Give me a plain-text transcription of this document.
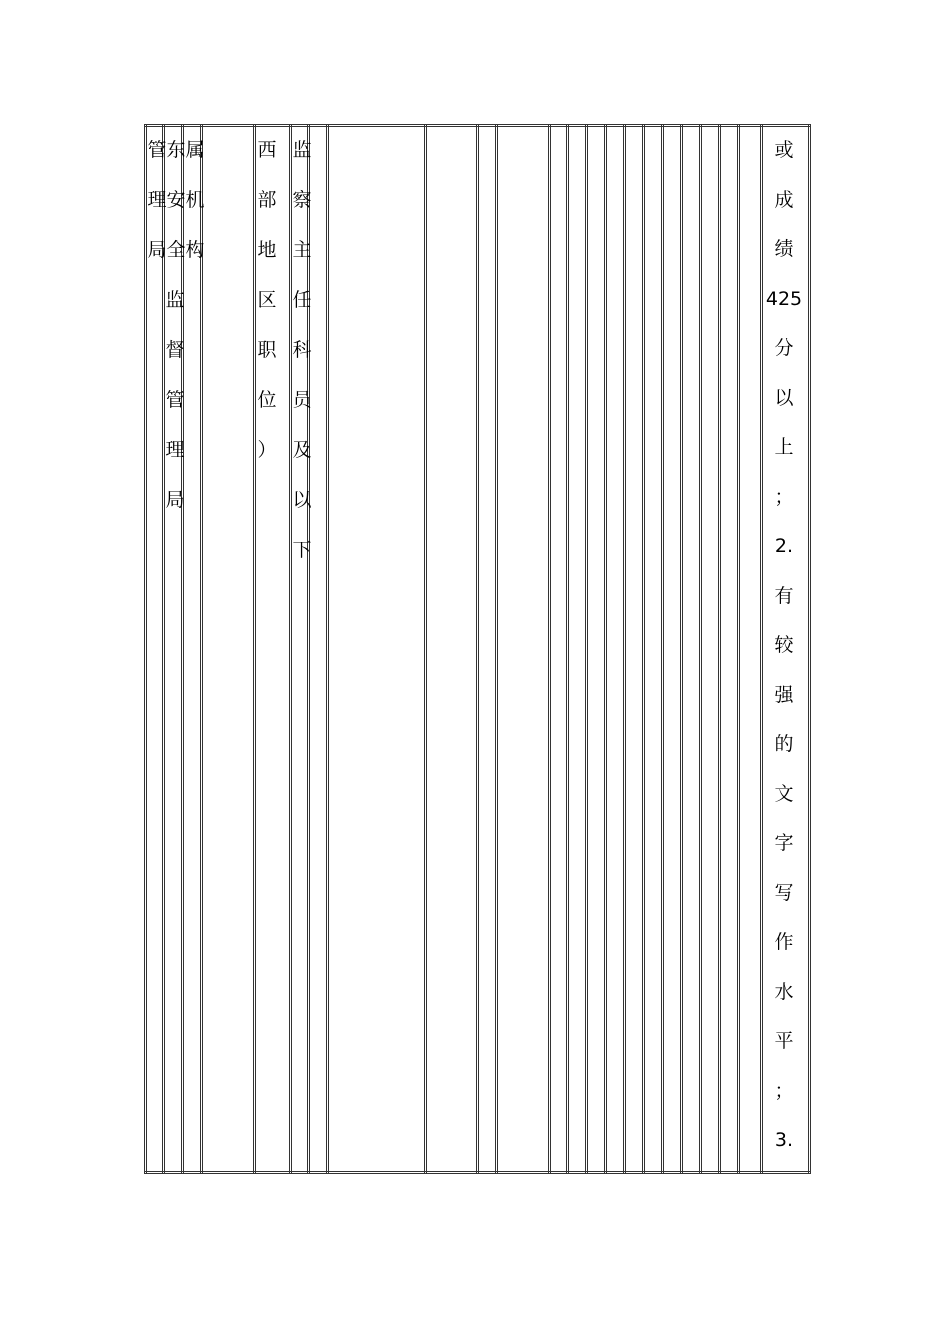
管
理
局
监
督
管
理
局
东
安
全
属
机
构
西
部
地
区
职
位
）
监
察
主
任
科
员
及
以
下
或
成
绩
425
分
以
上
；
2.
有
较
强
的
文
字
写
作
水
平
；
3.
